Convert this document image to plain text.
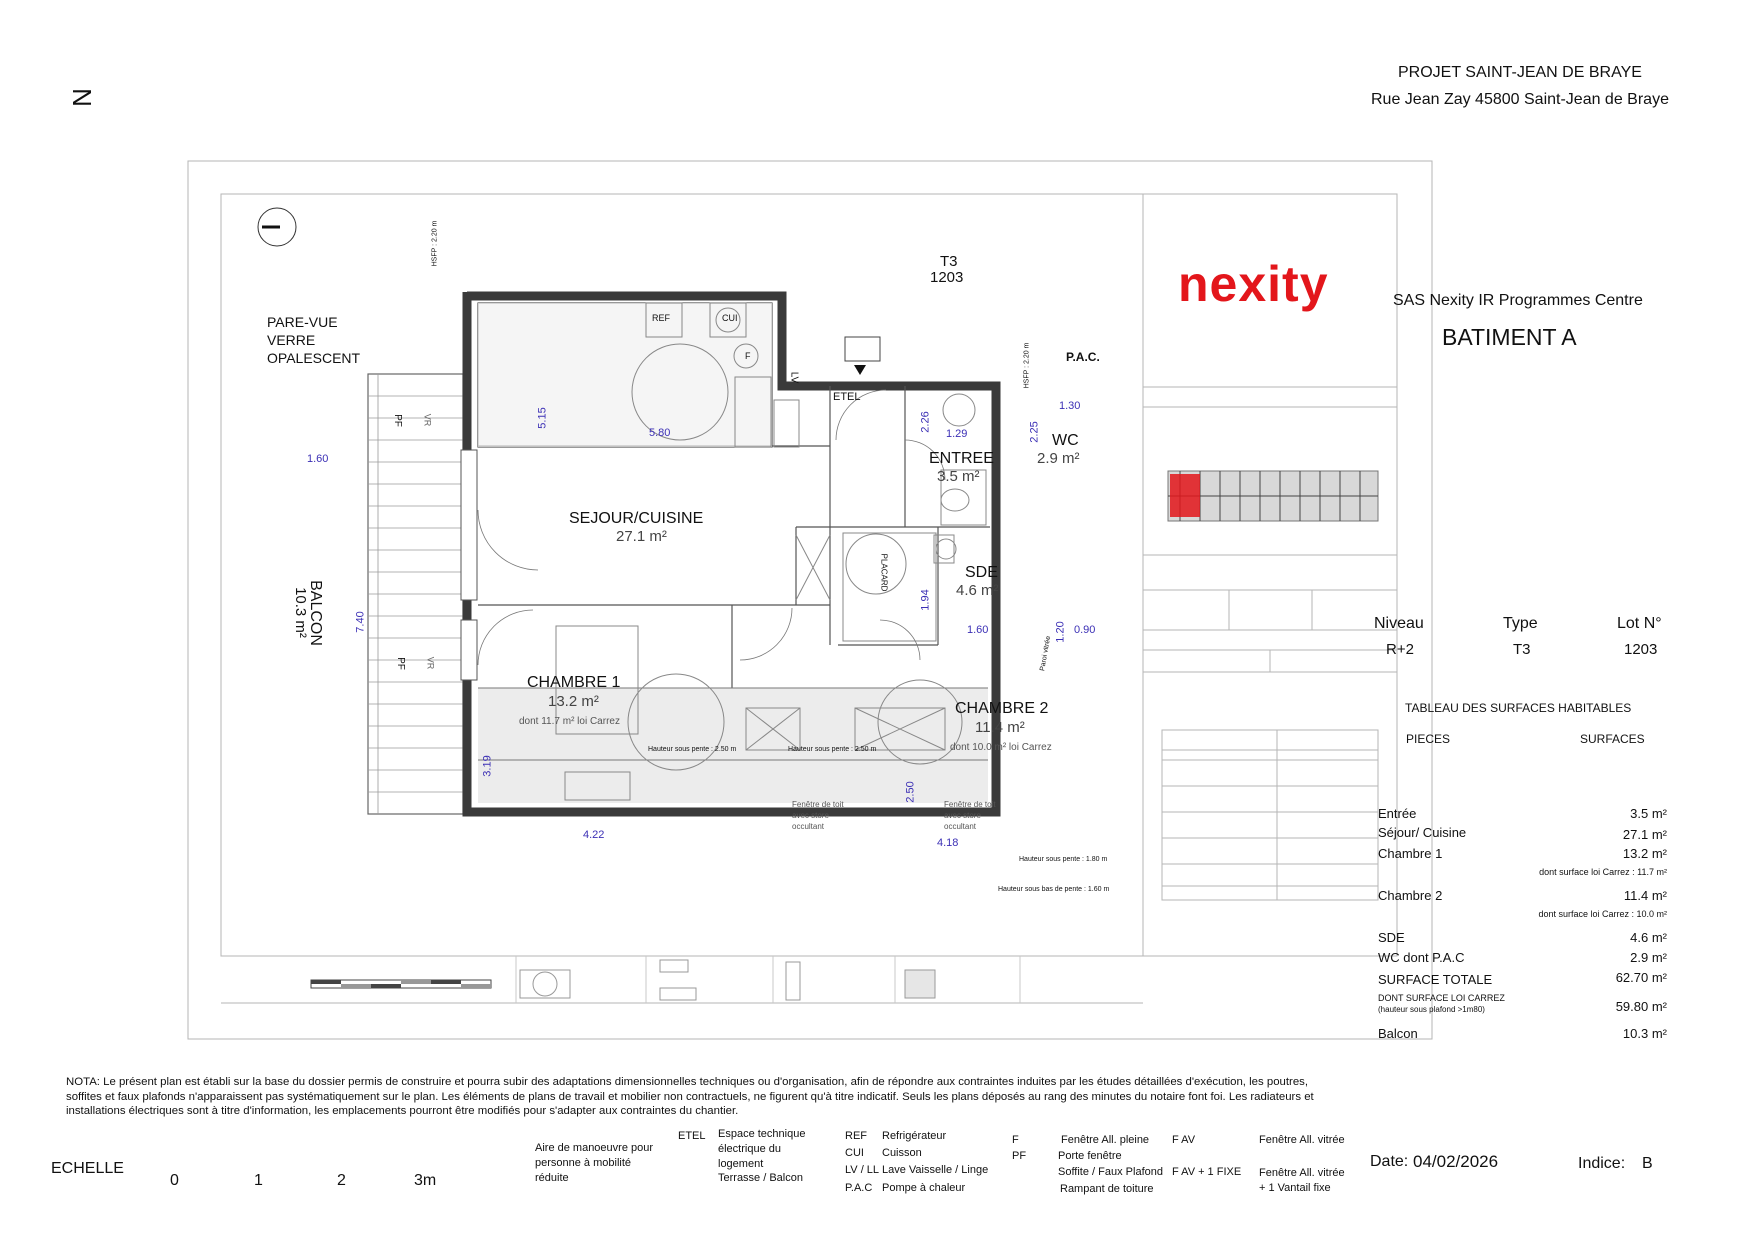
N
PROJET SAINT-JEAN DE BRAYE
Rue Jean Zay 45800 Saint-Jean de Braye
T3
1203
PARE-VUE
VERRE
OPALESCENT
HSFP : 2.20 m
HSFP : 2.20 m
REF	CUI
F
LV
ETEL
P.A.C.
PLACARD
PF VR
PF VR
SEJOUR/CUISINE
27.1 m²
ENTREE
3.5 m²
WC
2.9 m²
SDE
4.6 m²
CHAMBRE 1
13.2 m²
dont 11.7 m² loi Carrez
CHAMBRE 2
11.4 m²
dont 10.0 m² loi Carrez
BALCON
10.3 m²
5.15
5.80
2.26
1.29	2.25
1.30
1.60
7.40
1.94
1.60	1.20 0.90
3.19
2.50
4.22
4.18
Hauteur sous pente : 2.50 m	Hauteur sous pente : 2.50 m
Hauteur sous pente : 1.80 m
Hauteur sous bas de pente : 1.60 m
Fenêtre de toit
avec store
occultant
Fenêtre de toit
avec store
occultant
Paroi vitrée
nexity	SAS Nexity IR Programmes Centre
BATIMENT A
Niveau	Type	Lot N°
R+2	T3	1203
TABLEAU DES SURFACES HABITABLES
PIECES	SURFACES
Entrée	3.5 m²
Séjour/ Cuisine	27.1 m²
Chambre 1	13.2 m²
dont surface loi Carrez : 11.7 m²
Chambre 2	11.4 m²
dont surface loi Carrez : 10.0 m²
SDE	4.6 m²
WC dont P.A.C	2.9 m²
SURFACE TOTALE	62.70 m²
DONT SURFACE LOI CARREZ
(hauteur sous plafond >1m80)	59.80 m²
Balcon	10.3 m²
NOTA: Le présent plan est établi sur la base du dossier permis de construire et pourra subir des adaptations dimensionnelles techniques ou d'organisation, afin de répondre aux contraintes induites par les études détaillées d'exécution, les poutres, soffites et faux plafonds n'apparaissent pas systématiquement sur le plan. Les éléments de plans de travail et mobilier non contractuels, ne figurent qu'à titre indicatif. Seuls les plans déposés au rang des minutes du notaire font foi. Les radiateurs et installations électriques sont à titre d'information, les emplacements pourront être modifiés pour s'adapter aux contraintes du chantier.
ECHELLE
0	1	2	3m
Aire de manoeuvre pour personne à mobilité réduite
ETEL Espace technique électrique du logement
Terrasse / Balcon
REF Refrigérateur
CUI Cuisson
LV / LL Lave Vaisselle / Linge
P.A.C Pompe à chaleur
F	Fenêtre All. pleine
PF	Porte fenêtre
Soffite / Faux Plafond
Rampant de toiture
F AV	Fenêtre All. vitrée
F AV + 1 FIXE Fenêtre All. vitrée + 1 Vantail fixe
Date: 04/02/2026	Indice: B
